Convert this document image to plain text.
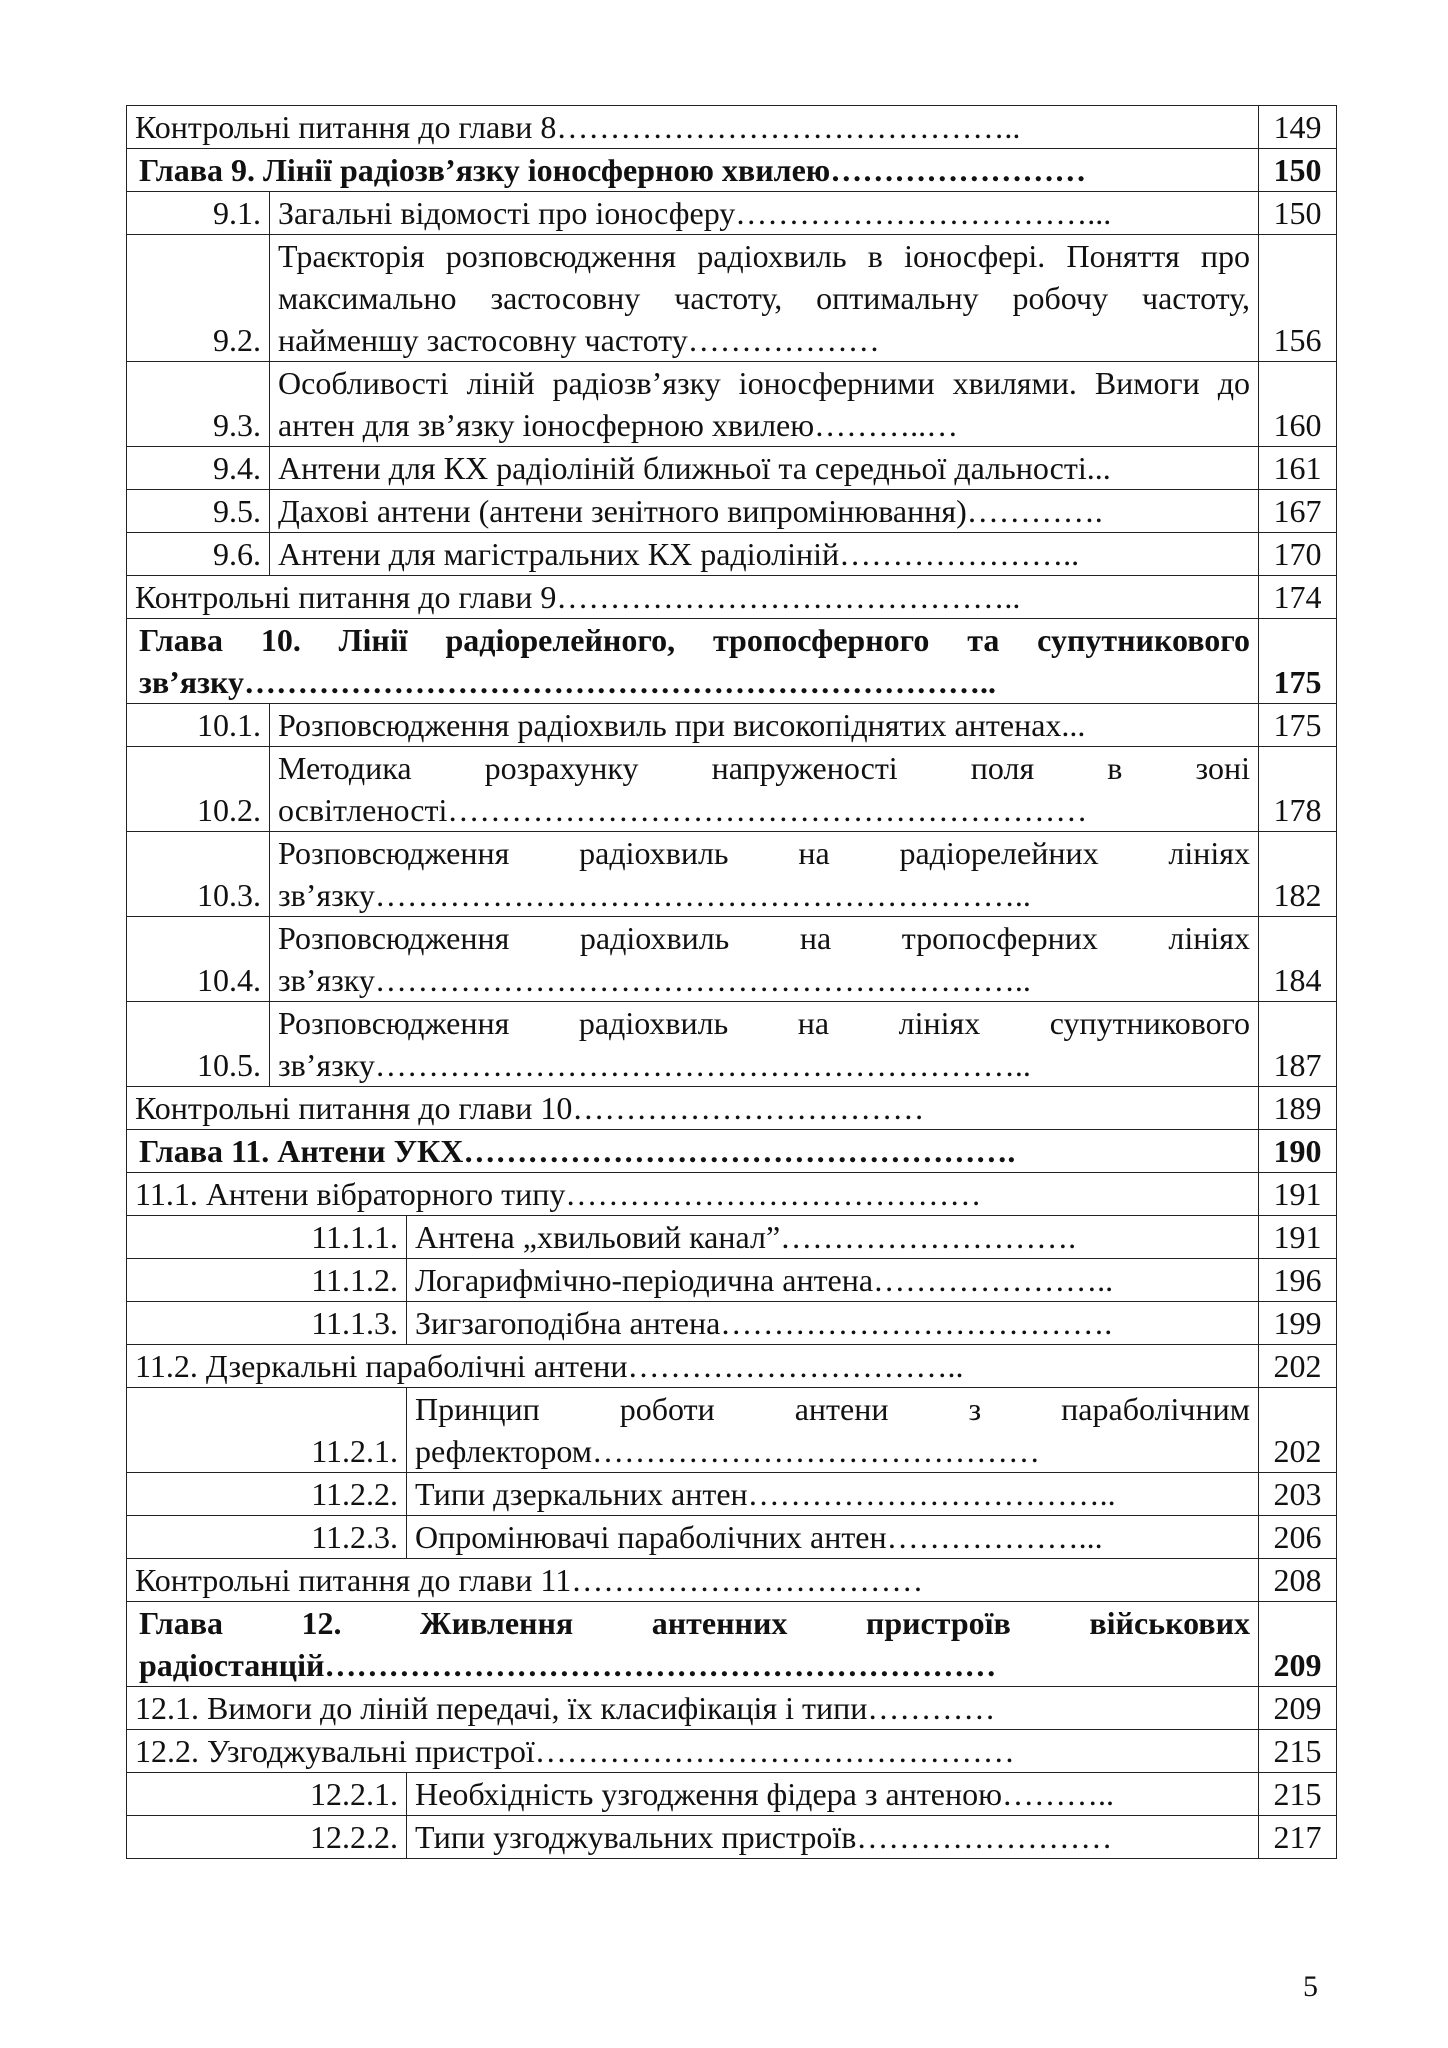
Контрольні питання до глави 8……………………………………..			149

Глава 9. Лінії радіозв’язку іоносферною хвилею……………………			150
9.1.	Загальні відомості про іоносферу……………………………...		150
9.2.	Траєкторія розповсюдження радіохвиль в іоносфері. Поняття про максимально застосовну частоту, оптимальну робочу частоту, найменшу застосовну частоту………………		156
9.3.	Особливості ліній радіозв’язку іоносферними хвилями. Вимоги до антен для зв’язку іоносферною хвилею………..…		160
9.4.	Антени для КХ радіоліній ближньої та середньої дальності...		161
9.5.	Дахові антени (антени зенітного випромінювання)………….		167
9.6.	Антени для магістральних КХ радіоліній…………………..		170

Контрольні питання до глави 9……………………………………..			174

Глава 10. Лінії радіорелейного, тропосферного та супутникового зв’язку……………………………………………………………..			175
10.1.	Розповсюдження радіохвиль при високопіднятих антенах...		175
10.2.	Методика розрахунку напруженості поля в зоні освітленості……………………………………………………		178
10.3.	Розповсюдження радіохвиль на радіорелейних лініях зв’язку……………………………………………………..		182
10.4.	Розповсюдження радіохвиль на тропосферних лініях зв’язку……………………………………………………..		184
10.5.	Розповсюдження радіохвиль на лініях супутникового зв’язку……………………………………………………..		187

Контрольні питання до глави 10……………………………			189

Глава 11. Антени УКХ…………………………………………….			190

11.1. Антени вібраторного типу…………………………………			191
11.1.1.		Антена „хвильовий канал”……………………….	191
11.1.2.		Логарифмічно-періодична антена…………………..	196
11.1.3.		Зигзагоподібна антена……………………………….	199

11.2. Дзеркальні параболічні антени…………………………..			202
11.2.1.		Принцип роботи антени з параболічним рефлектором……………………………………	202
11.2.2.		Типи дзеркальних антен……………………………..	203
11.2.3.		Опромінювачі параболічних антен………………...	206

Контрольні питання до глави 11……………………………			208

Глава 12. Живлення антенних пристроїв військових радіостанцій………………………………………………………			209

12.1. Вимоги до ліній передачі, їх класифікація і типи…………			209

12.2. Узгоджувальні пристрої………………………………………			215
12.2.1.		Необхідність узгодження фідера з антеною………..	215
12.2.2.		Типи узгоджувальних пристроїв……………………	217
5
